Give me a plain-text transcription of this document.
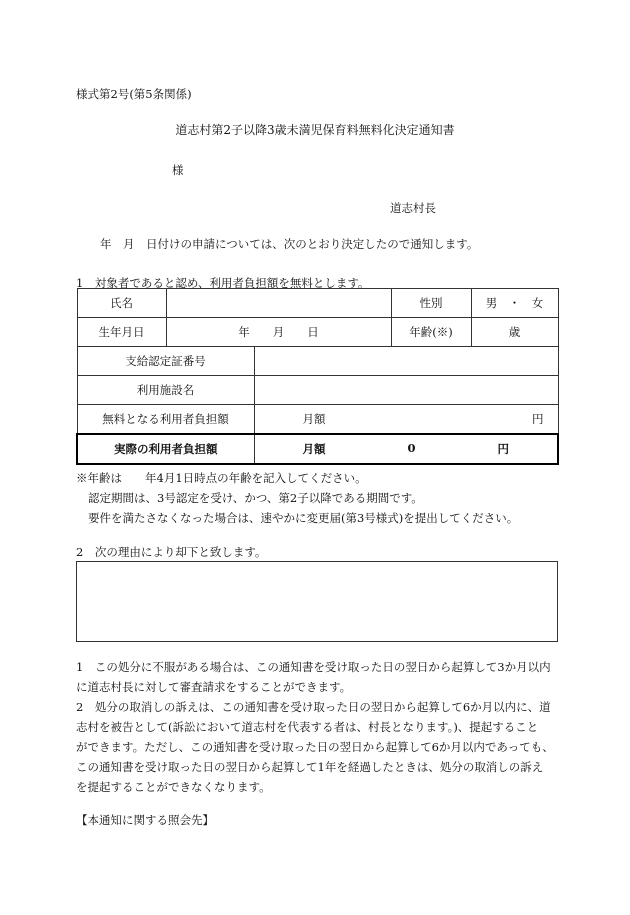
様式第2号(第5条関係)
道志村第2子以降3歳未満児保育料無料化決定通知書
様
道志村長
年　月　日付けの申請については、次のとおり決定したので通知します。
1　対象者であると認め、利用者負担額を無料とします。
氏名			性別	男　・　女
生年月日	年　　月　　日		年齢(※)	歳
支給認定証番号				
利用施設名				
無料となる利用者負担額		月額 円		

実際の利用者負担額		月額 0 円		
※年齢は　　年4月1日時点の年齢を記入してください。
認定期間は、3号認定を受け、かつ、第2子以降である期間です。
要件を満たさなくなった場合は、速やかに変更届(第3号様式)を提出してください。
2　次の理由により却下と致します。
1　この処分に不服がある場合は、この通知書を受け取った日の翌日から起算して3か月以内
に道志村長に対して審査請求をすることができます。
2　処分の取消しの訴えは、この通知書を受け取った日の翌日から起算して6か月以内に、道
志村を被告として(訴訟において道志村を代表する者は、村長となります。)、提起すること
ができます。ただし、この通知書を受け取った日の翌日から起算して6か月以内であっても、
この通知書を受け取った日の翌日から起算して1年を経過したときは、処分の取消しの訴え
を提起することができなくなります。
【本通知に関する照会先】
